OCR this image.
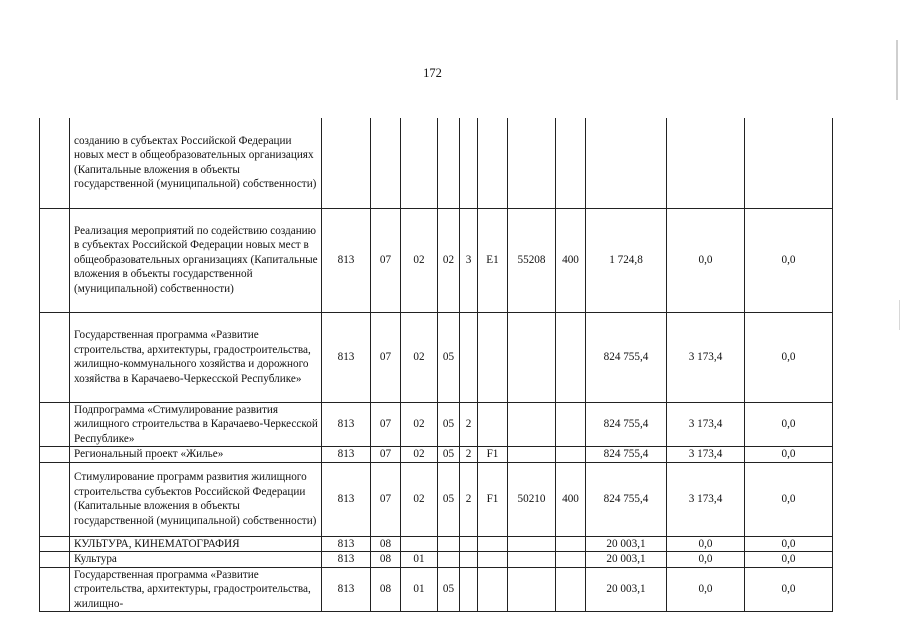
172
	созданию в субъектах Российской Федерации новых мест в общеобразовательных организациях (Капитальные вложения в объекты государственной (муниципальной) собственности)											
	Реализация мероприятий по содействию созданию в субъектах Российской Федерации новых мест в общеобразовательных организациях (Капитальные вложения в объекты государственной (муниципальной) собственности)	813	07	02	02	3	E1	55208	400	1 724,8	0,0	0,0
	Государственная программа «Развитие строительства, архитектуры, градостроительства, жилищно-коммунального хозяйства и дорожного хозяйства в Карачаево-Черкесской Республике»	813	07	02	05					824 755,4	3 173,4	0,0
	Подпрограмма «Стимулирование развития жилищного строительства в Карачаево-Черкесской Республике»	813	07	02	05	2				824 755,4	3 173,4	0,0
	Региональный проект «Жилье»	813	07	02	05	2	F1			824 755,4	3 173,4	0,0
	Стимулирование программ развития жилищного строительства субъектов Российской Федерации (Капитальные вложения в объекты государственной (муниципальной) собственности)	813	07	02	05	2	F1	50210	400	824 755,4	3 173,4	0,0
	КУЛЬТУРА, КИНЕМАТОГРАФИЯ	813	08							20 003,1	0,0	0,0
	Культура	813	08	01						20 003,1	0,0	0,0
	Государственная программа «Развитие строительства, архитектуры, градостроительства, жилищно-	813	08	01	05					20 003,1	0,0	0,0
